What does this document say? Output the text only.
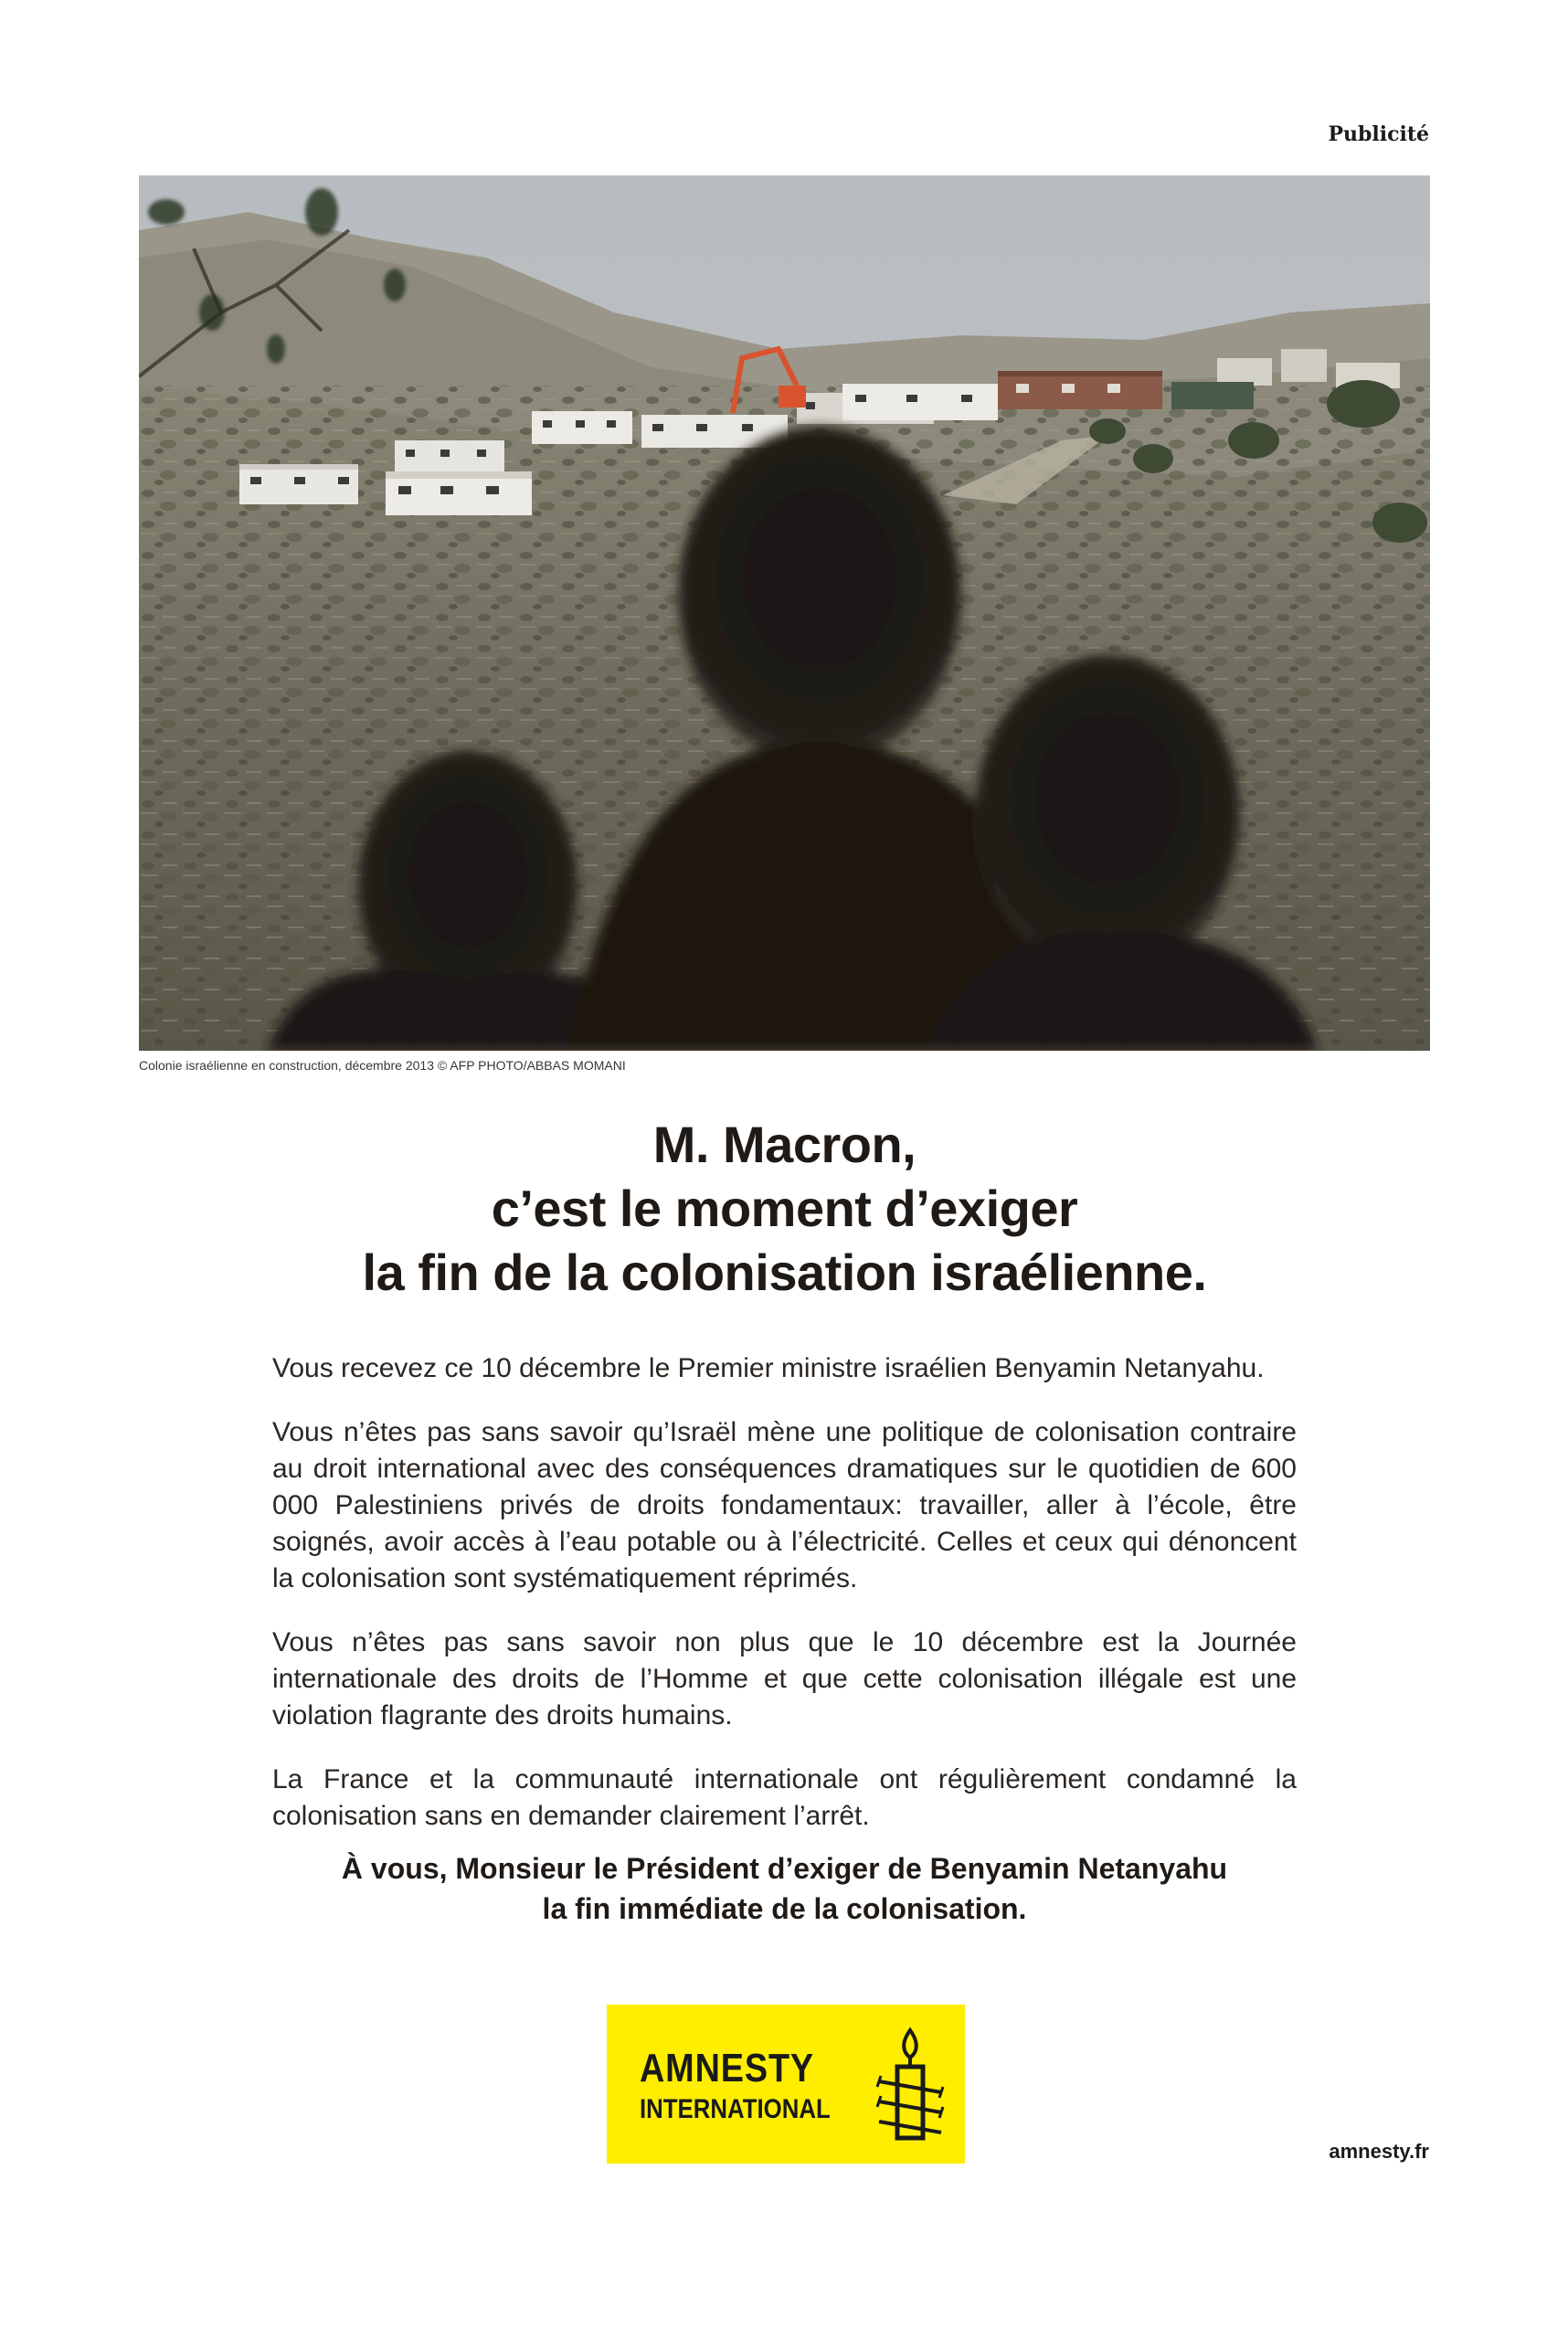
Publicité
Colonie israélienne en construction, décembre 2013 © AFP PHOTO/ABBAS MOMANI
M. Macron,
c’est le moment d’exiger
la fin de la colonisation israélienne.

Vous recevez ce 10 décembre le Premier ministre israélien Benyamin Netanyahu.

Vous n’êtes pas sans savoir qu’Israël mène une politique de colonisation contraire au droit international avec des conséquences dramatiques sur le quotidien de 600 000 Palestiniens privés de droits fondamentaux: travailler, aller à l’école, être soignés, avoir accès à l’eau potable ou à l’électricité. Celles et ceux qui dénoncent la colonisation sont systématiquement réprimés.

Vous n’êtes pas sans savoir non plus que le 10 décembre est la Journée internationale des droits de l’Homme et que cette colonisation illégale est une violation flagrante des droits humains.

La France et la communauté internationale ont régulièrement condamné la colonisation sans en demander clairement l’arrêt.

À vous, Monsieur le Président d’exiger de Benyamin Netanyahu
la fin immédiate de la colonisation.
AMNESTY
INTERNATIONAL
amnesty.fr
